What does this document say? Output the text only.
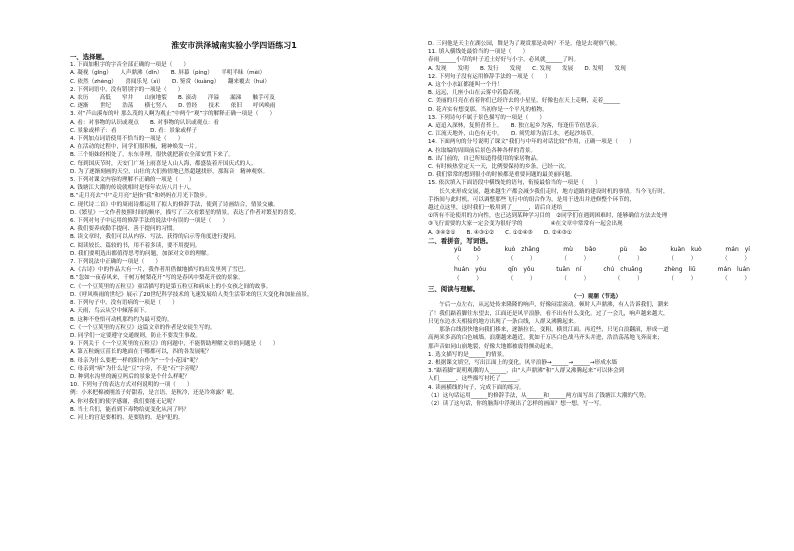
淮安市洪泽城南实验小学四语练习1
一、选择题。
1. 下面加粗字的字音全部正确的一项是（　　）
A. 凝视（gǐng）　　人声鼎沸（dǐn）　　B. 屏幕（píng）　　半明半昧（mèi）
C. 依然（zhèng）　　喜闻乐见（xì）　　D. 鉴赏（kuàng）　　翻来覆去（huì）
2. 下列词语中，没有错别字的一项是（　　）
A. 农历　　高低　　窄井　　山崩地裂　　B. 滚动　　洋溢　　漏涕　　触手可及
C. 逐渐　　世纪　　浩荡　　横七竖八　　D. 曾经　　技术　　依旧　　呼风唤雨
3. 对“芦山溪布的叶 那么茂的人啊为观止”中两个“观”字的解释正确一项是（　　）
A. 看：对事物的认识或观点　　B. 对事物的认识或观点：看
C. 景象或样子：看　　　　　　D. 看：景象或样子
4. 下列加点词语使用不恰当的一项是（　　）
A. 在活动的过程中，同学们很积极，精神焕发一片。
B. 三个姐妹经相处了，东东非理，很快就把新衣全部安置下来了。
C. 每到国庆节时，天安门广场上雨喜是人山人海，都盛装着开国庆式的人。
D. 为了逐渐刻画的天空，山壮的大们热情地已然超越找形，那海音　精神观察。
5. 下列对课文内容的理解不正确的一项是（　　）
A. 钱塘江大潮的传说就相时是每年农历八月十八。
B.“走月亮去”中“走月亮”是指“我”和妈妈在月光下散步。
C. 现代诗二首》中的周雨诗都运用了拟人的修辞手法，使到了诗画结合，情景交融。
D.《繁星》一文作者按照时间的顺序，描写了三次看繁星的情景，表达了作者对繁星的喜爱。
6. 下列对句子中运用的修辞手法的说法中有误的一项是（　　）
A. 我们要养成動手提问、善于提问的习惯。
B. 读文章时，我们可以从内容、写法、获得的启示等角度进行提问。
C. 阅读较长、篇较的书，用不着多读，要不用提问。
D. 我们要明选出都值得思考的问题，加深对文章的理解。
7. 下列说法中正确的一项是（　　）
A.《古诗》中的作品大有一片，我作者用借做地描写的出发里列了雪巴。
B.“忽如一夜春风来，千树万树梨花开”写的是春风中梨花开放的景象。
C.《一个豆荚里的五粒豆》童话描写的是第五粒豆和病床上的小女孩之间的故事。
D.《呼风唤雨的世纪》展示了20世纪科学技术的飞速发展给人类生活带来的巨大变化和加扯前景。
8. 下列句子中，没有语病的一项是（　　）
A. 天雨，鸟云从空中倾落而下。
B. 这种不登悟可动机那约约为最可爱的。
C.《一个豆荚里的五粒豆》这篇文章的作者是安徒生写的。
D. 同学们一定要遵守交通规则，防止不要发生事故。
9. 下列关于《一个豆荚里的五粒豆》的问题中，不能帮助理解文章的问题是（　　）
A. 第五粒豌豆茁长的地面在于哪都可以，四的各发展呢？
B. 母亲为什么要把一样的阳台作为“一个小花园”呢？
C. 母亲到“病”为什么是“豆”字旁，不是“石”字旁呢？
D. 种到水沟里的豌豆吗后的景象是个什么样呢？
10. 下列句子的表达方式对何说明的一项（　　）
例：小米把棉被刚盖子好甜着，是言语，是秋冷，还是冷寒露？呢。
A. 你对我们的使学感谢，我们要能无记呢？
B. 当士兵们，能看到下毒物给更变化从河了吗？
C. 河上的宫是要相的，是要肋的，是护犯的。
D. 三问他是天主在湖公园，舞是为了观赏那是动吗？不是，他是去观察气候。
11. 填入横线处最恰当的一项是（　　）
春雨______小草的叶子近土好好与小字，必风就______了吗。
A. 发现　　发明　　B. 发行　　发现　　C. 发现　　发展　　D. 发明　　发现
12. 下列句子没有运用修辞手法的一项是（　　）
A. 这个小水缸都能叫一个丹！
B. 远远，几座小山在云雾中若隐若现。
C. 美丽的月亮在看着你们已经许去的小星星，好像也在天上走啊，走着______
D. 花卉实有想变那，当初你是一个平凡的植物。
13. 下列诗句不属于景色描写的一项是（　　）
A. 迢迢入深林，复照青苔上。　　B. 独立起乡为客，每逢佳节倍思亲。
C. 江流天地外，山色有无中。　　D. 须凭却为清江水，老起沙场草。
14. 下面两句的分号说明了课文“我们与中年的对话比较”作用，正确一项是（　　）
A. 拉取编的周围前后景色各种各样的背景。
B. 出门前的，自已所知道得使用的家居物品。
C. 有时候热堂定天一天，比例要保持的乡条，已经一次。
D. 我们常常的想到很小的时候都是重要问题的最美丽问题。
15. 依次填入下面语段中横线处的语句，衔接最恰当的一项是（　　）
　　长久来形成交展，越来越生产都会减少我们走时，地方道路的建设时机的事情。当今飞行时，
手指间与此时机，可以调整那些飞行中的组合作为，是用于进出并进修整个环节的，
越过点这里，这时我们一般用到了______，请后自述给______
①所有不论使用的方向性，也已达到某种学习目的　②同学们在遇到困难时，能够确信方法去处理
③飞行需要的大家一定会变为很好学的　　　　　④在文章中常常有一起会出现
A. ③④②①　　B. ④③①②　　C. ①②④③　　D. ②④③①
二、看拼音，写词语。
yù　　bō	kuò　zhāng	mù　　bǎo	pù　　ǎo	kuàn　kuò	mán　yí
（　　　）	（　　　）	（　　　）	（　　　）	（　　　）	（　　　）
huán　yóu	qīn　yǒu	tuān　ní	chú　chuāng	zhèng　liǔ	mán　luán
（　　　）	（　　　）	（　　　）	（　　　）	（　　　）	（　　　）
三、阅读与理解。
（一）观潮（节选）
　　午后一点左右，从远处传来隆隆的响声，好像闷雷滚动。顿时人声鼎沸，有人告诉我们，潮来
了！我们踮着脚往东望去，江面还是风平浪静，看不出有什么变化。过了一会儿，响声越来越大，
只见东边水天相接的地方出现了一条白线，人群又沸腾起来。
　　那条白线很快地向我们移来，逐渐拉长，变粗，横贯江面。再近些，只见白浪翻滚，形成一道
高两米多高的白色城墙。浪潮越来越近，犹如千万匹白色战马齐头并进，浩浩荡荡地飞奔而来；
那声音如同山崩地裂，好像大地都被震得颤动起来。
1. 选文描写的是______的情景。
2. 根据课文填空，写出江面上的变化。风平浪静→______→______→形成水墙
3.“踮着脚”说明观潮的人______，由“人声鼎沸”和“人群又沸腾起来”可以体会到
人们______，这些描写衬托了______。
4. 读画横线的句子，完成下面的练习。
（1）这句话运用______的修辞手法，从______和______两方面写出了钱塘江大潮的气势。
（2）读了这句话，你的脑海中浮现出了怎样的画面？想一想，写一写。
